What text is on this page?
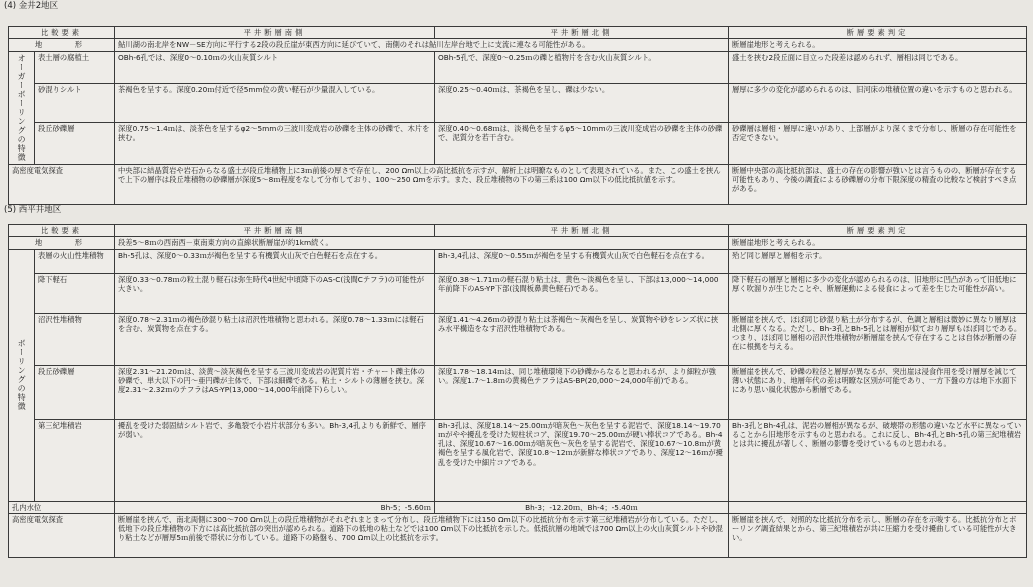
(4) 金井2地区
比較要素		平井断層南側	平井断層北側	断層要素判定
地　　形		鮎川湖の南北岸をNW－SE方向に平行する2段の段丘崖が東西方向に延びていて、南側のそれは鮎川左岸台地で上に支流に連なる可能性がある。		断層崖地形と考えられる。
オーガーボーリングの特徴	表土層の腐植土	OBh-6孔では、深度0〜0.10ｍの火山灰質シルト	OBh-5孔で、深度0〜0.25ｍの礫と植物片を含む火山灰質シルト。	盛土を挟む2段丘面に目立った段差は認められず、層相は同じである。
	砂混りシルト	茶褐色を呈する。深度0.20ｍ付近で径5mm位の黄い軽石が少量混入している。	深度0.25〜0.40ｍは、茶褐色を呈し、礫は少ない。	層厚に多少の変化が認められるのは、旧河床の堆積位置の違いを示すものと思われる。
	段丘砂礫層	深度0.75〜1.4ｍは、淡茶色を呈するφ2〜5mmの三波川変成岩の砂礫を主体の砂礫で、木片を挟む。	深度0.40〜0.68ｍは、淡褐色を呈するφ5〜10mmの三波川変成岩の砂礫を主体の砂礫で、泥質分を若干含む。	砂礫層は層相・層厚に違いがあり、上部層がより深くまで分布し、断層の存在可能性を否定できない。
高密度電気探査		中央部に結晶質岩や岩石からなる盛土が段丘堆積物上に3ｍ前後の厚さで存在し、200 Ωm以上の高比抵抗を示すが、解析上は明瞭なものとして表現されている。また、この盛土を挟んで上下の層序は段丘堆積物の砂礫層が深度5〜8ｍ程度をなして分布しており、100〜250 Ωmを示す。また、段丘堆積物の下の第三系は100 Ωm以下の低比抵抗値を示す。		断層中央部の高比抵抗部は、盛土の存在の影響が強いとは言うものの、断層が存在する可能性もあり、今後の調査による砂礫層の分布下限深度の精査の比較など検討すべき点がある。
(5) 西平井地区
比較要素		平井断層南側	平井断層北側	断層要素判定
地　　形		段差5〜8ｍの西南西－東南東方向の直線状断層崖が約1km続く。		断層崖地形と考えられる。
ボーリングの特徴	表層の火山性堆積物	Bh-5孔は、深度0〜0.33ｍが褐色を呈する有機質火山灰で白色軽石を点在する。	Bh-3,4孔は、深度0〜0.55ｍが褐色を呈する有機質火山灰で白色軽石を点在する。	殆ど同じ層厚と層相を示す。
	降下軽石	深度0.33〜0.78ｍの粒土混り軽石は弥生時代4世紀中頃降下のAS-C(浅間Cテフラ)の可能性が大きい。	深度0.38〜1.71ｍの軽石混り粘土は、黄色〜淡褐色を呈し、下部は13,000〜14,000年前降下のAS-YP下部(浅間板鼻黄色軽石)である。	降下軽石の層厚と層相に多少の変化が認められるのは、旧地形に凹凸があって旧低地に厚く吹溜りが生じたことや、断層運動による侵食によって差を生じた可能性が高い。
	沼沢性堆積物	深度0.78〜2.31ｍの褐色砂混り粘土は沼沢性堆積物と思われる。深度0.78〜1.33ｍには軽石を含む、炭質物を点在する。	深度1.41〜4.26ｍの砂混り粘土は茶褐色〜灰褐色を呈し、炭質物や砂をレンズ状に挟み水平構造をなす沼沢性堆積物である。	断層崖を挟んで、ほぼ同じ砂混り粘土が分布するが、色調と層相は微妙に異なり層厚は北側に厚くなる。ただし、Bh-3孔とBh-5孔とは層相が似ており層厚もほぼ同じである。つまり、ほぼ同じ層相の沼沢性堆積物が断層崖を挟んで存在することは自体が断層の存在に根拠を与える。
	段丘砂礫層	深度2.31〜21.20ｍは、淡黄〜淡灰褐色を呈する三波川変成岩の泥質片岩・チャート礫主体の砂礫で、単大以下の円〜亜円礫が主体で、下部は細礫である。粘土・シルトの薄層を挟む。深度2.31〜2.32ｍのテフラはAS-YP(13,000〜14,000年前降下)らしい。	深度1.78〜18.14ｍは、同じ堆積環境下の砂礫からなると思われるが、より細粒が強い。深度1.7〜1.8ｍの黄褐色テフラはAS-BP(20,000〜24,000年前)である。	断層崖を挟んで、砂礫の粒径と層厚が異なるが、突出崖は浸食作用を受け層厚を減じて薄い状態にあり、地層年代の差は明瞭な区別が可能であり、一方下盤の方は地下水面下にあり思い風化状態から断層である。
	第三紀堆積岩	擾乱を受けた弱固結シルト岩で、多亀裂で小岩片状部分も多い。Bh-3,4孔よりも新鮮で、層序が弱い。	Bh-3孔は、深度18.14〜25.00ｍが暗灰色〜灰色を呈する泥岩で、深度18.14〜19.70ｍがやや擾乱を受けた短柱状コア、深度19.70〜25.00ｍが硬い棒状コアである。Bh-4孔は、深度10.67〜16.00ｍが暗灰色〜灰色を呈する泥岩で、深度10.67〜10.8ｍが黄褐色を呈する風化岩で、深度10.8〜12ｍが新鮮な棒状コアであり、深度12〜16ｍが擾乱を受けた中細片コアである。	Bh-3孔とBh-4孔は、泥岩の層相が異なるが、破壊帯の形態の違いなど水平に異なっていることから旧地形を示すものと思われる。これに反し、Bh-4孔とBh-5孔の第三紀堆積岩とは共に擾乱が著しく、断層の影響を受けているものと思われる。
孔内水位		Bh-5；-5.60ｍ	Bh-3；-12.20ｍ、Bh-4；-5.40ｍ	
高密度電気探査		断層崖を挟んで、南北両側に300〜700 Ωm以上の段丘堆積物がそれぞれまとまって分布し、段丘堆積物下には150 Ωm以下の比抵抗分布を示す第三紀堆積岩が分布している。ただし、低地下の段丘堆積物の下方には高比抵抗部の突出が認められる。道路下の低地の粘土などでは100 Ωm以下の比抵抗を示した。低抵抗層の地域では700 Ωm以上の火山灰質シルトや砂混り粘土などが層厚5ｍ前後で帯状に分布している。道路下の路盤も、700 Ωm以上の比抵抗を示す。		断層崖を挟んで、対照的な比抵抗分布を示し、断層の存在を示唆する。比抵抗分布とボーリング調査結果とから、第三紀堆積岩が共に圧縮力を受け擾曲している可能性が大きい。
